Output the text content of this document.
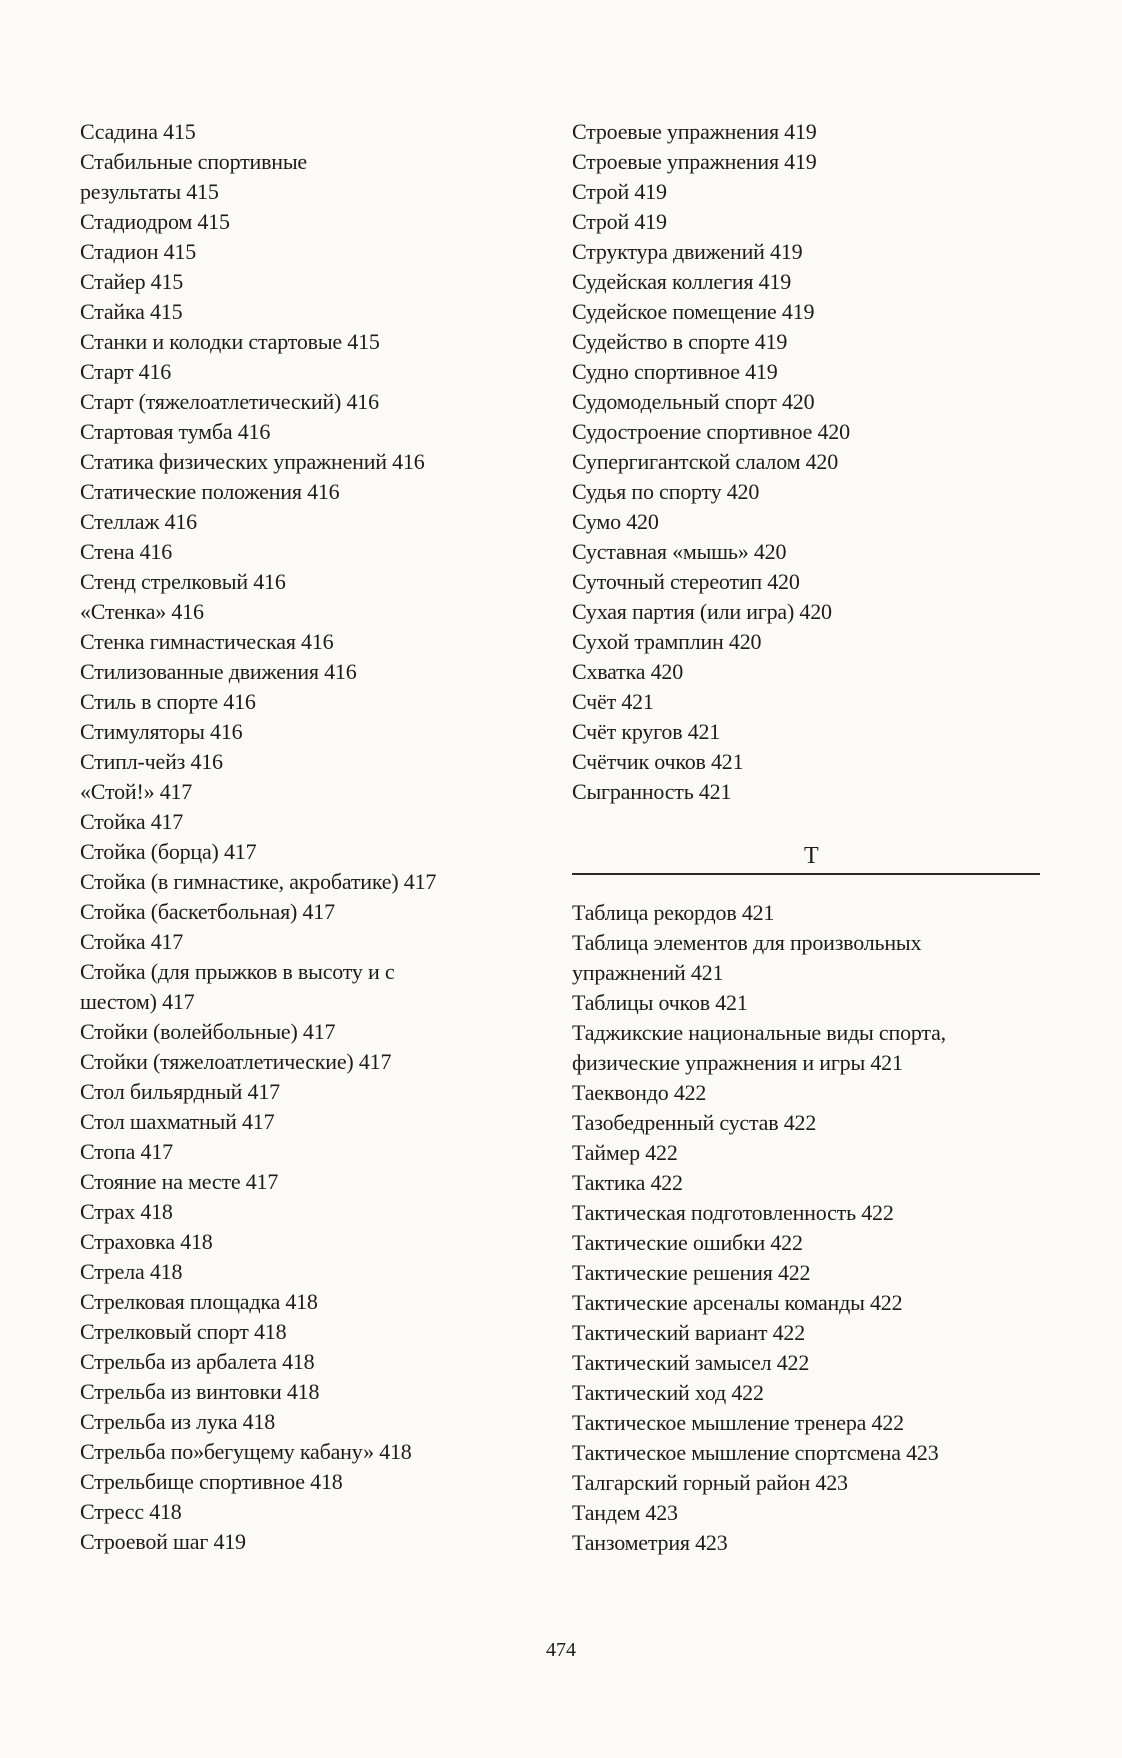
Ссадина 415
Стабильные спортивные
результаты 415
Стадиодром 415
Стадион 415
Стайер 415
Стайка 415
Станки и колодки стартовые 415
Старт 416
Старт (тяжелоатлетический) 416
Стартовая тумба 416
Статика физических упражнений 416
Статические положения 416
Стеллаж 416
Стена 416
Стенд стрелковый 416
«Стенка» 416
Стенка гимнастическая 416
Стилизованные движения 416
Стиль в спорте 416
Стимуляторы 416
Стипл-чейз 416
«Стой!» 417
Стойка 417
Стойка (борца) 417
Стойка (в гимнастике, акробатике) 417
Стойка (баскетбольная) 417
Стойка 417
Стойка (для прыжков в высоту и с
шестом) 417
Стойки (волейбольные) 417
Стойки (тяжелоатлетические) 417
Стол бильярдный 417
Стол шахматный 417
Стопа 417
Стояние на месте 417
Страх 418
Страховка 418
Стрела 418
Стрелковая площадка 418
Стрелковый спорт 418
Стрельба из арбалета 418
Стрельба из винтовки 418
Стрельба из лука 418
Стрельба по»бегущему кабану» 418
Стрельбище спортивное 418
Стресс 418
Строевой шаг 419
Строевые упражнения 419
Строевые упражнения 419
Строй 419
Строй 419
Структура движений 419
Судейская коллегия 419
Судейское помещение 419
Судейство в спорте 419
Судно спортивное 419
Судомодельный спорт 420
Судостроение спортивное 420
Супергигантской слалом 420
Судья по спорту 420
Сумо 420
Суставная «мышь» 420
Суточный стереотип 420
Сухая партия (или игра) 420
Сухой трамплин 420
Схватка 420
Счёт 421
Счёт кругов 421
Счётчик очков 421
Сыгранность 421
Т
Таблица рекордов 421
Таблица элементов для произвольных
упражнений 421
Таблицы очков 421
Таджикские национальные виды спорта,
физические упражнения и игры 421
Таеквондо 422
Тазобедренный сустав 422
Таймер 422
Тактика 422
Тактическая подготовленность 422
Тактические ошибки 422
Тактические решения 422
Тактические арсеналы команды 422
Тактический вариант 422
Тактический замысел 422
Тактический ход 422
Тактическое мышление тренера 422
Тактическое мышление спортсмена 423
Талгарский горный район 423
Тандем 423
Танзометрия 423
474
